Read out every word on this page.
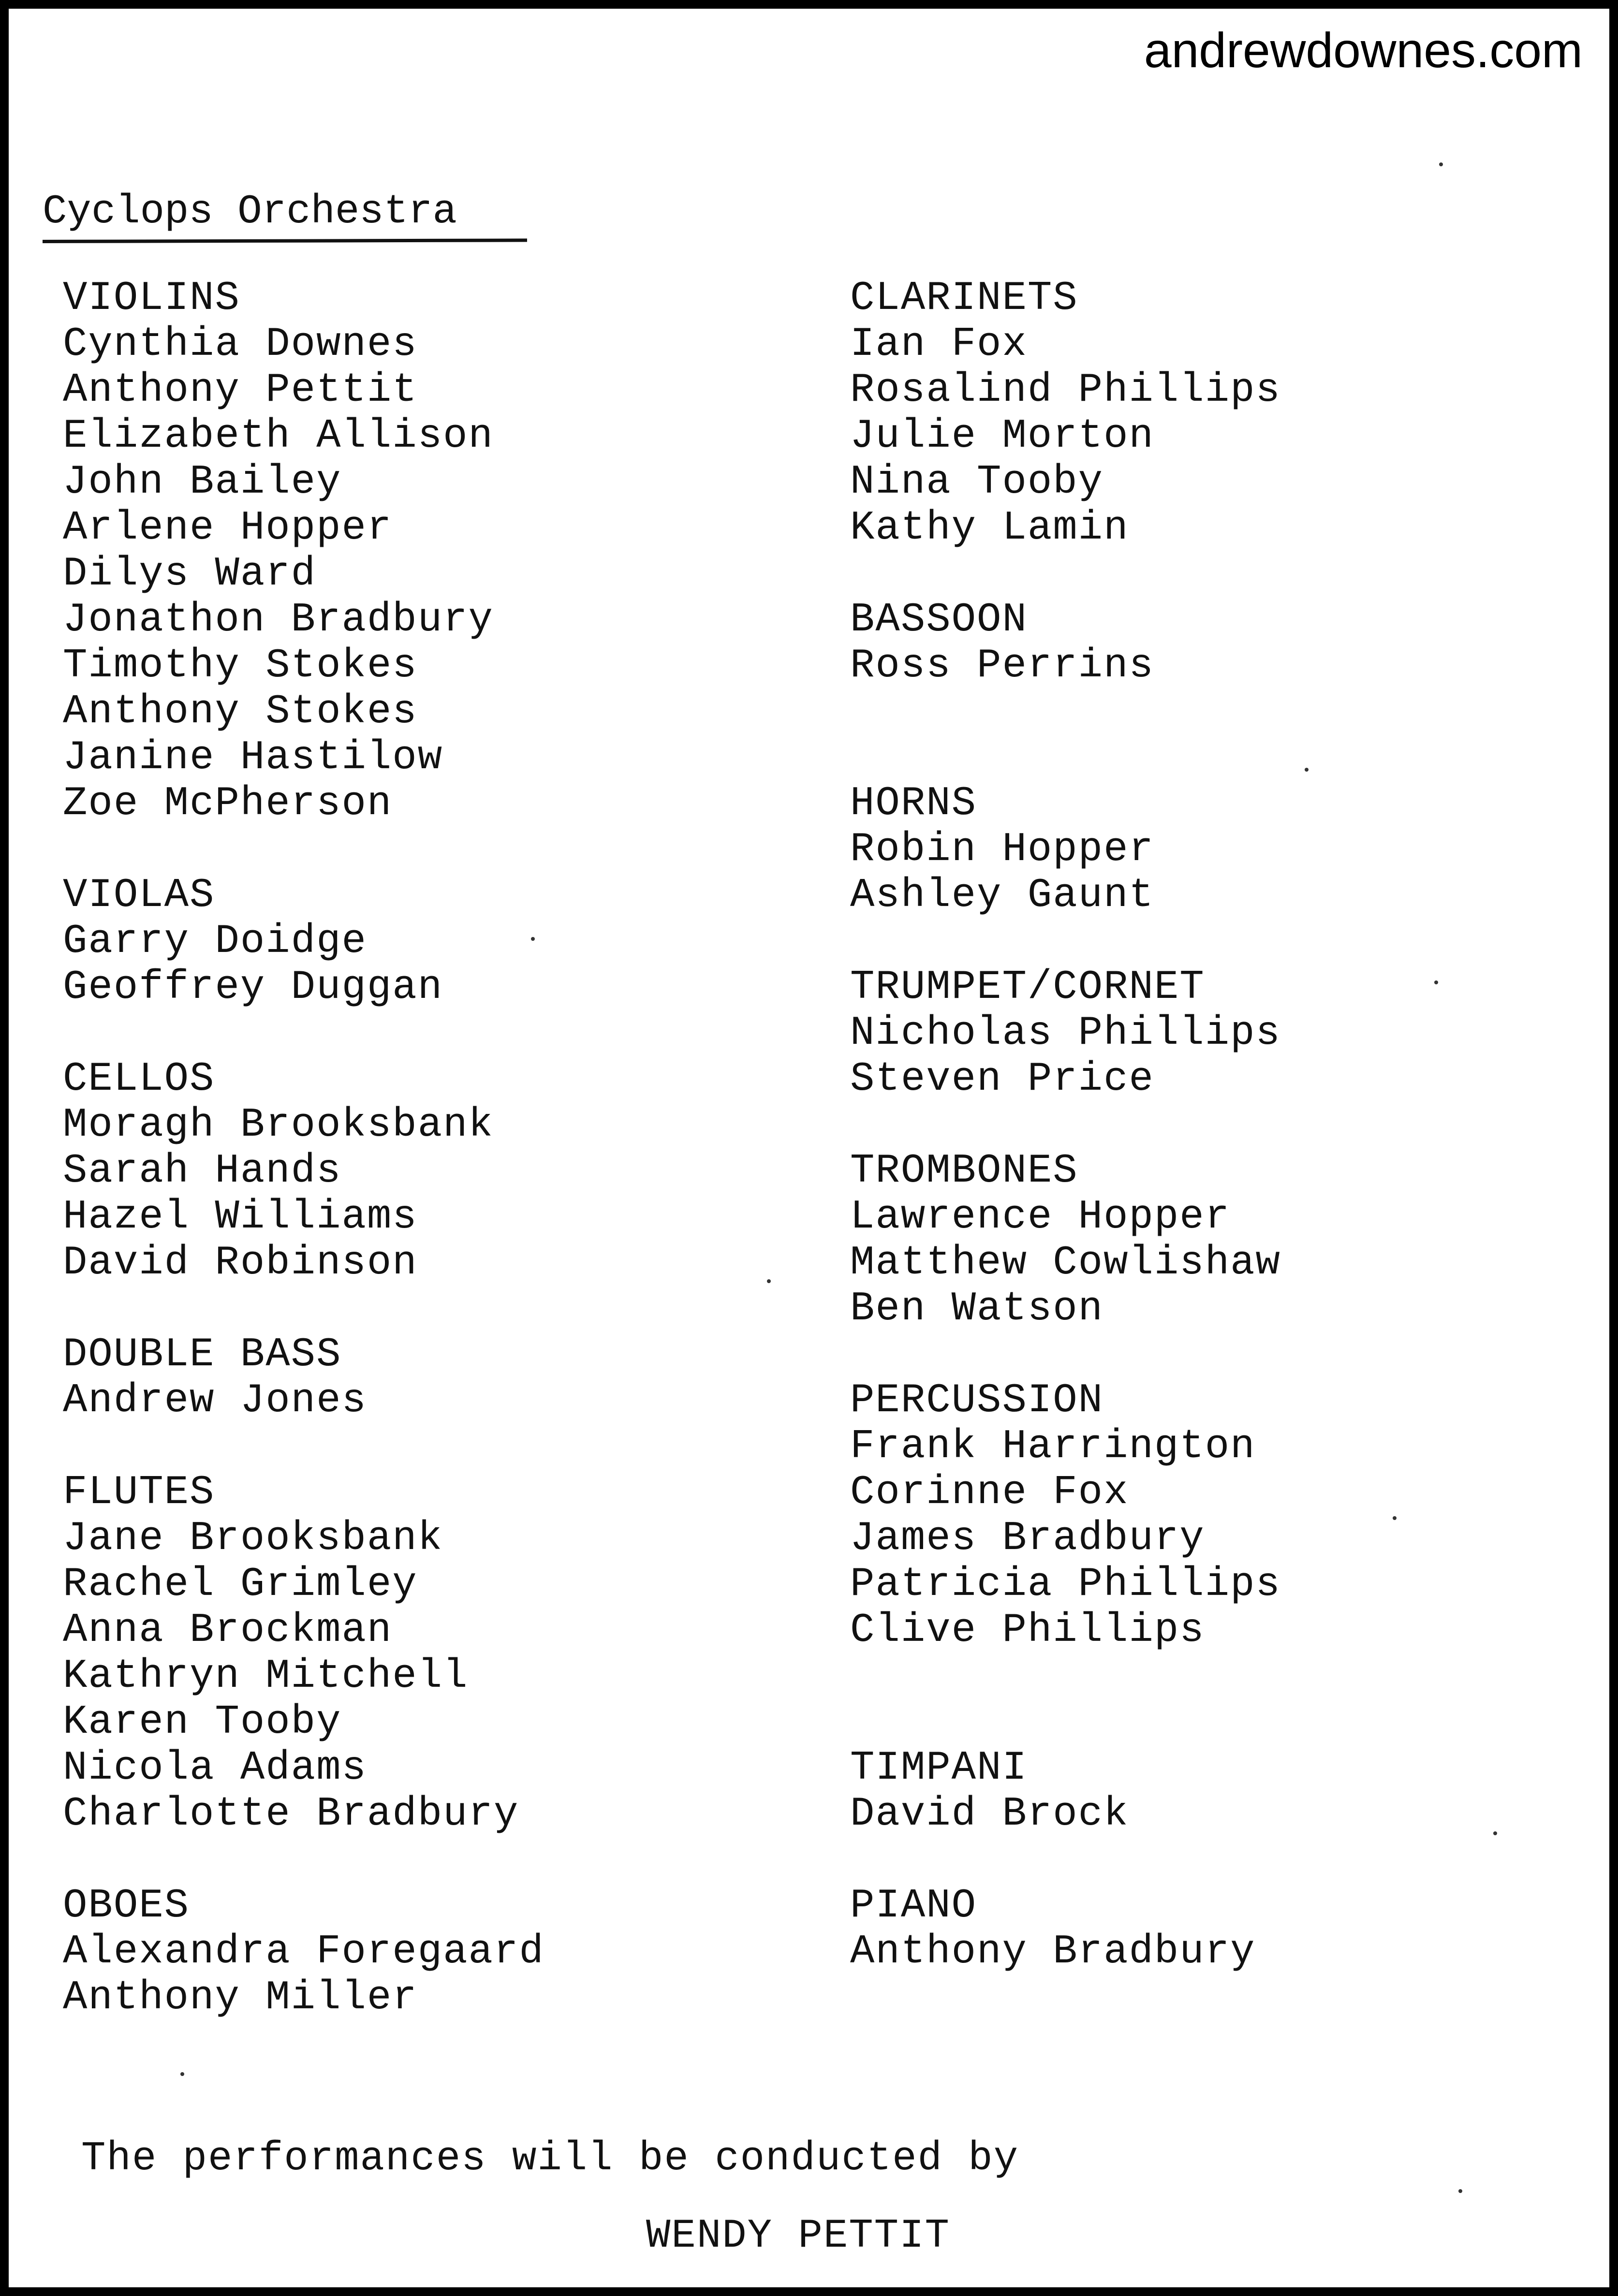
andrewdownes.com
Cyclops Orchestra
VIOLINS
Cynthia Downes
Anthony Pettit
Elizabeth Allison
John Bailey
Arlene Hopper
Dilys Ward
Jonathon Bradbury
Timothy Stokes
Anthony Stokes
Janine Hastilow
Zoe McPherson
VIOLAS
Garry Doidge
Geoffrey Duggan
CELLOS
Moragh Brooksbank
Sarah Hands
Hazel Williams
David Robinson
DOUBLE BASS
Andrew Jones
FLUTES
Jane Brooksbank
Rachel Grimley
Anna Brockman
Kathryn Mitchell
Karen Tooby
Nicola Adams
Charlotte Bradbury
OBOES
Alexandra Foregaard
Anthony Miller
CLARINETS
Ian Fox
Rosalind Phillips
Julie Morton
Nina Tooby
Kathy Lamin
BASSOON
Ross Perrins
HORNS
Robin Hopper
Ashley Gaunt
TRUMPET/CORNET
Nicholas Phillips
Steven Price
TROMBONES
Lawrence Hopper
Matthew Cowlishaw
Ben Watson
PERCUSSION
Frank Harrington
Corinne Fox
James Bradbury
Patricia Phillips
Clive Phillips
TIMPANI
David Brock
PIANO
Anthony Bradbury
The performances will be conducted by
WENDY PETTIT
